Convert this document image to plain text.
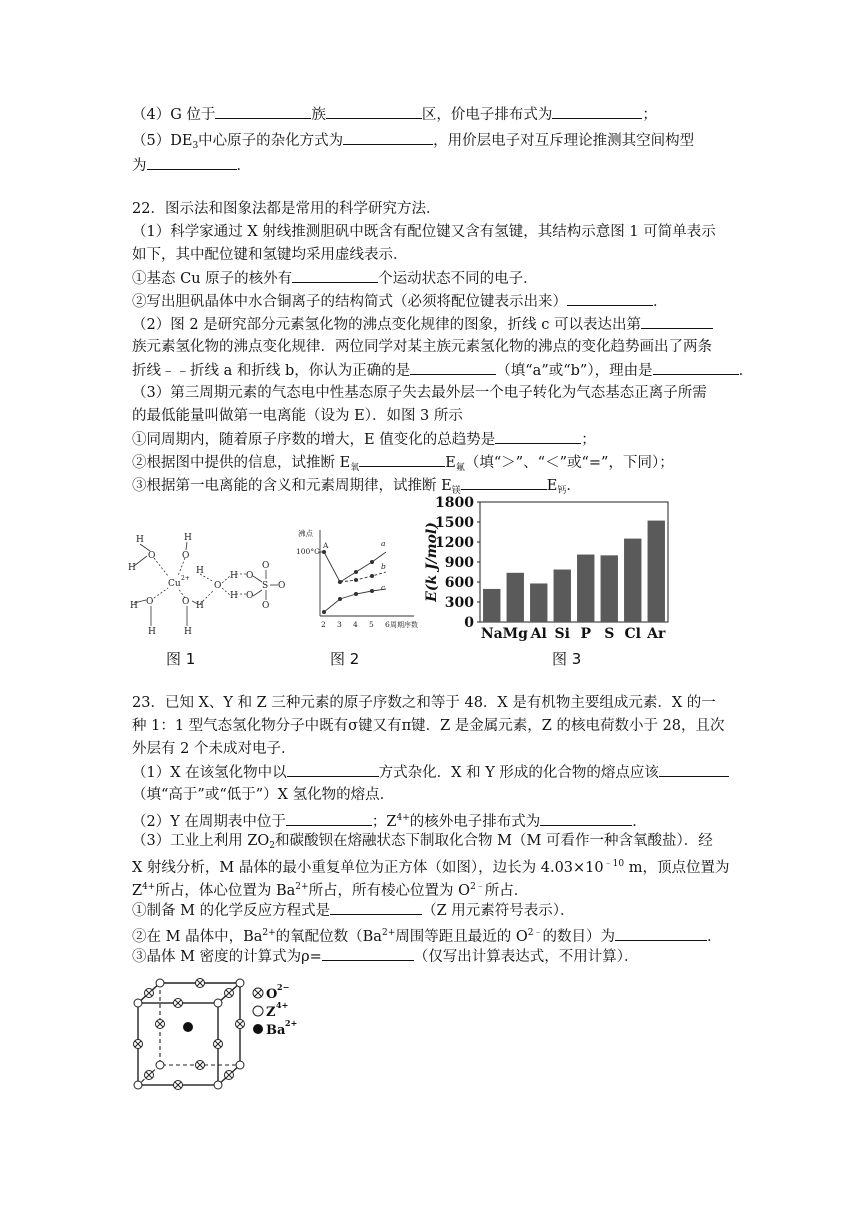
（4）G 位于	族	区，价电子排布式为	；
$(5)DE_3$中心原子的杂化方式为	，用价层电子对互斥理论推测其空间构型
为	．
22．图示法和图象法都是常用的科学研究方法．
（1）科学家通过 X 射线推测胆矾中既含有配位键又含有氢键，其结构示意图 1 可简单表示
如下，其中配位键和氢键均采用虚线表示．
①基态 Cu 原子的核外有	个运动状态不同的电子．
②写出胆矾晶体中水合铜离子的结构简式（必须将配位键表示出来）	．
（2）图 2 是研究部分元素氢化物的沸点变化规律的图象，折线 c 可以表达出第
族元素氢化物的沸点变化规律．两位同学对某主族元素氢化物的沸点的变化趋势画出了两条
折线﹣﹣折线 a 和折线 b，你认为正确的是	（填“a”或“b”），理由是	．
（3）第三周期元素的气态电中性基态原子失去最外层一个电子转化为气态基态正离子所需
的最低能量叫做第一电离能（设为 E）．如图 3 所示
①同周期内，随着原子序数的增大，E 值变化的总趋势是	；
②根据图中提供的信息，试推断 $E_氧$	$E_氟$（填“＞”、“＜”或“=”，下同）；
③根据第一电离能的含义和元素周期律，试推断 $E_镁$	$E_钙$．
H	H
O	O
H
Cu
2+
O	O
H	H
H	H
H
O
H
H
O
O
S
O
O
O
图 1
沸点
100°C
A	a
b
c
2 3 4 5 6 周期序数
图 2
0
300
600
900
1200
1500
1800
E(k J/mol)
Na Mg Al Si P S Cl Ar
图 3
23．已知 X、Y 和 Z 三种元素的原子序数之和等于 48．X 是有机物主要组成元素．X 的一
种 1：1 型气态氢化物分子中既有σ键又有π键．Z 是金属元素，Z 的核电荷数小于 28，且次
外层有 2 个未成对电子．
（1）X 在该氢化物中以	方式杂化．X 和 Y 形成的化合物的熔点应该
（填“高于”或“低于”）X 氢化物的熔点．
（2）Y 在周期表中位于	；$Z^{4+}$的核外电子排布式为	．
（3）工业上利用 $ZO_2$和碳酸钡在熔融状态下制取化合物 M（M 可看作一种含氧酸盐）．经
X 射线分析，M 晶体的最小重复单位为正方体（如图），边长为 $4.03\times 10^{﹣10}$ m，顶点位置为
$Z^{4+}$所占，体心位置为 $Ba^{2+}$所占，所有棱心位置为 $O^{2﹣}$所占．
①制备 M 的化学反应方程式是	（Z 用元素符号表示）．
②在 M 晶体中，$Ba^{2+}$的氧配位数（$Ba^{2+}$周围等距且最近的 $O^{2﹣}$的数目）为	．
③晶体 M 密度的计算式为ρ=	（仅写出计算表达式，不用计算）．
O 2−
Z 4+
Ba 2+
